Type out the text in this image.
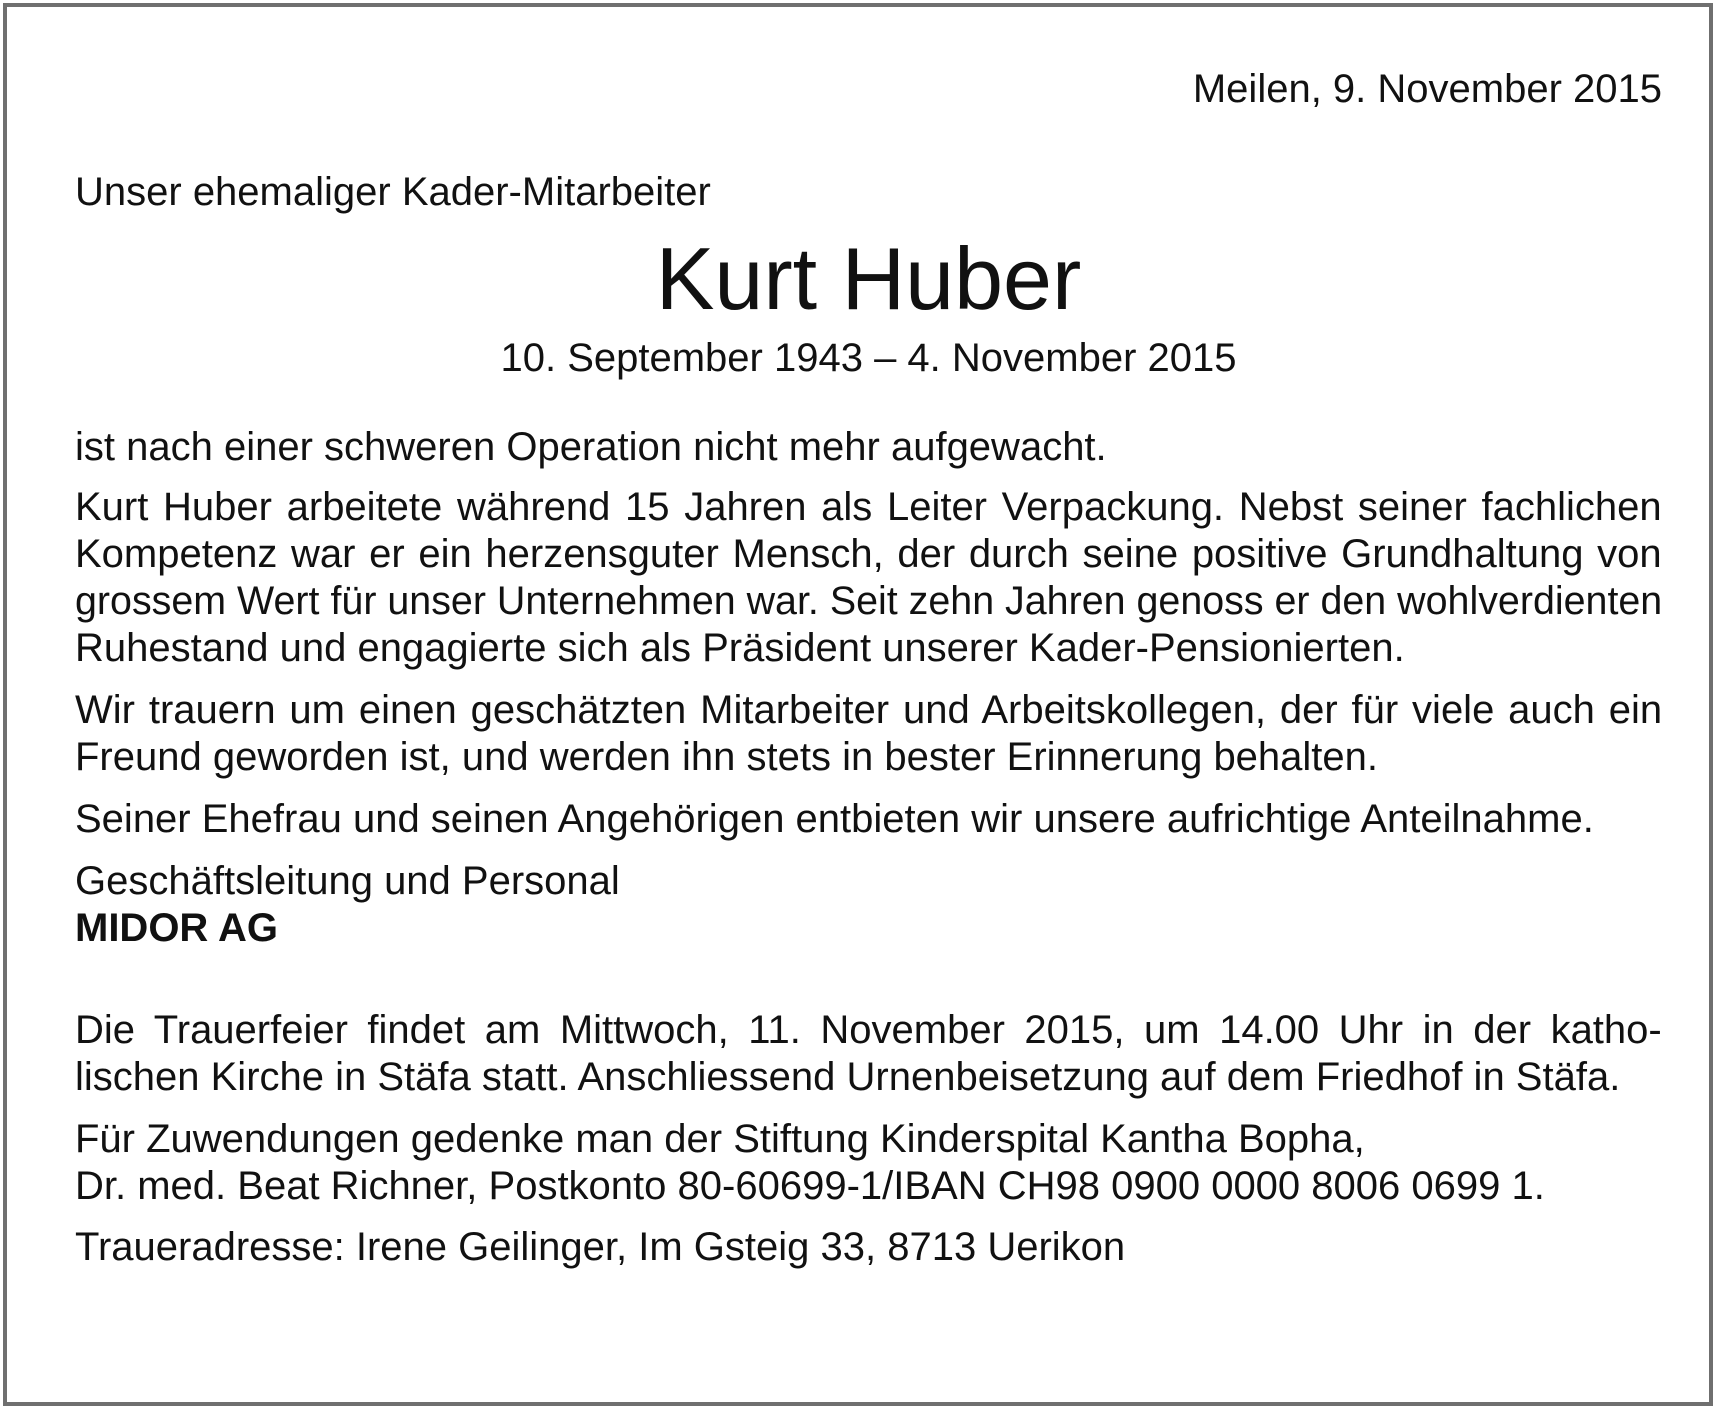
Meilen, 9. November 2015
Unser ehemaliger Kader-Mitarbeiter
Kurt Huber
10. September 1943 – 4. November 2015
ist nach einer schweren Operation nicht mehr aufgewacht.
Kurt Huber arbeitete während 15 Jahren als Leiter Verpackung. Nebst seiner fachlichen
Kompetenz war er ein herzensguter Mensch, der durch seine positive Grundhaltung von
grossem Wert für unser Unternehmen war. Seit zehn Jahren genoss er den wohlverdienten
Ruhestand und engagierte sich als Präsident unserer Kader-Pensionierten.
Wir trauern um einen geschätzten Mitarbeiter und Arbeitskollegen, der für viele auch ein
Freund geworden ist, und werden ihn stets in bester Erinnerung behalten.
Seiner Ehefrau und seinen Angehörigen entbieten wir unsere aufrichtige Anteilnahme.
Geschäftsleitung und Personal
MIDOR AG
Die Trauerfeier findet am Mittwoch, 11. November 2015, um 14.00 Uhr in der katho-
lischen Kirche in Stäfa statt. Anschliessend Urnenbeisetzung auf dem Friedhof in Stäfa.
Für Zuwendungen gedenke man der Stiftung Kinderspital Kantha Bopha,
Dr. med. Beat Richner, Postkonto 80-60699-1/IBAN CH98 0900 0000 8006 0699 1.
Traueradresse: Irene Geilinger, Im Gsteig 33, 8713 Uerikon
